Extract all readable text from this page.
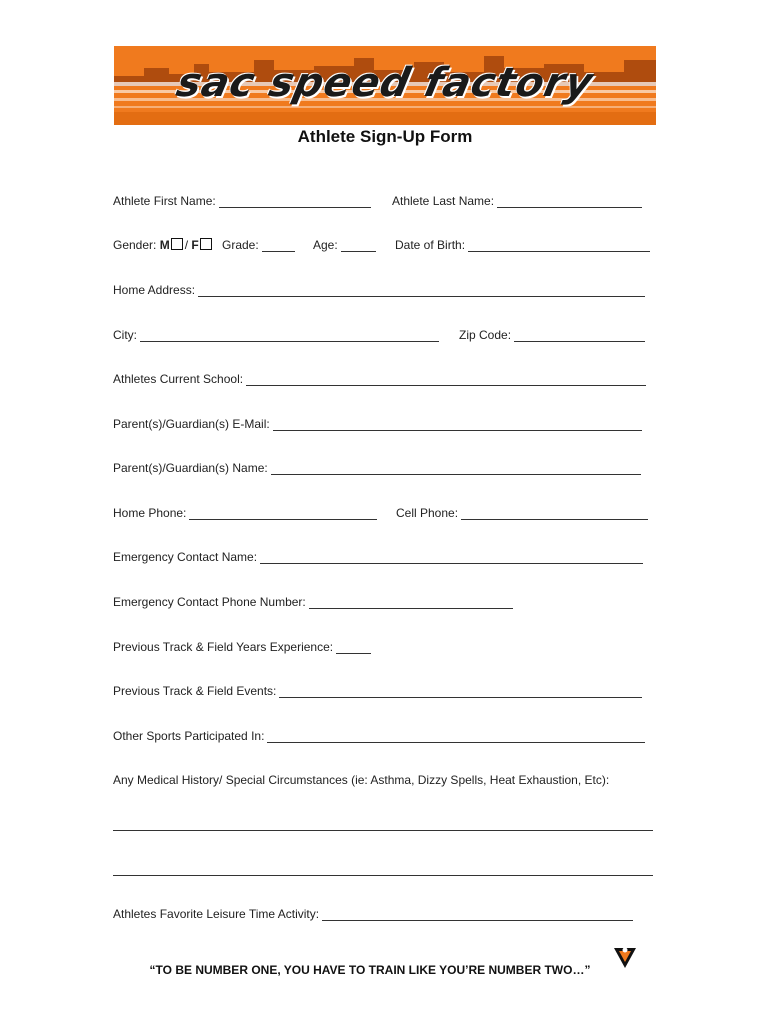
sac speed factory
Athlete Sign-Up Form
Athlete First Name:	Athlete Last Name:
Gender: M / F	Grade:	Age:	Date of Birth:
Home Address:
City:	Zip Code:
Athletes Current School:
Parent(s)/Guardian(s) E-Mail:
Parent(s)/Guardian(s) Name:
Home Phone:	Cell Phone:
Emergency Contact Name:
Emergency Contact Phone Number:
Previous Track & Field Years Experience:
Previous Track & Field Events:
Other Sports Participated In:
Any Medical History/ Special Circumstances (ie: Asthma, Dizzy Spells, Heat Exhaustion, Etc):
Athletes Favorite Leisure Time Activity:
“TO BE NUMBER ONE, YOU HAVE TO TRAIN LIKE YOU’RE NUMBER TWO…”
